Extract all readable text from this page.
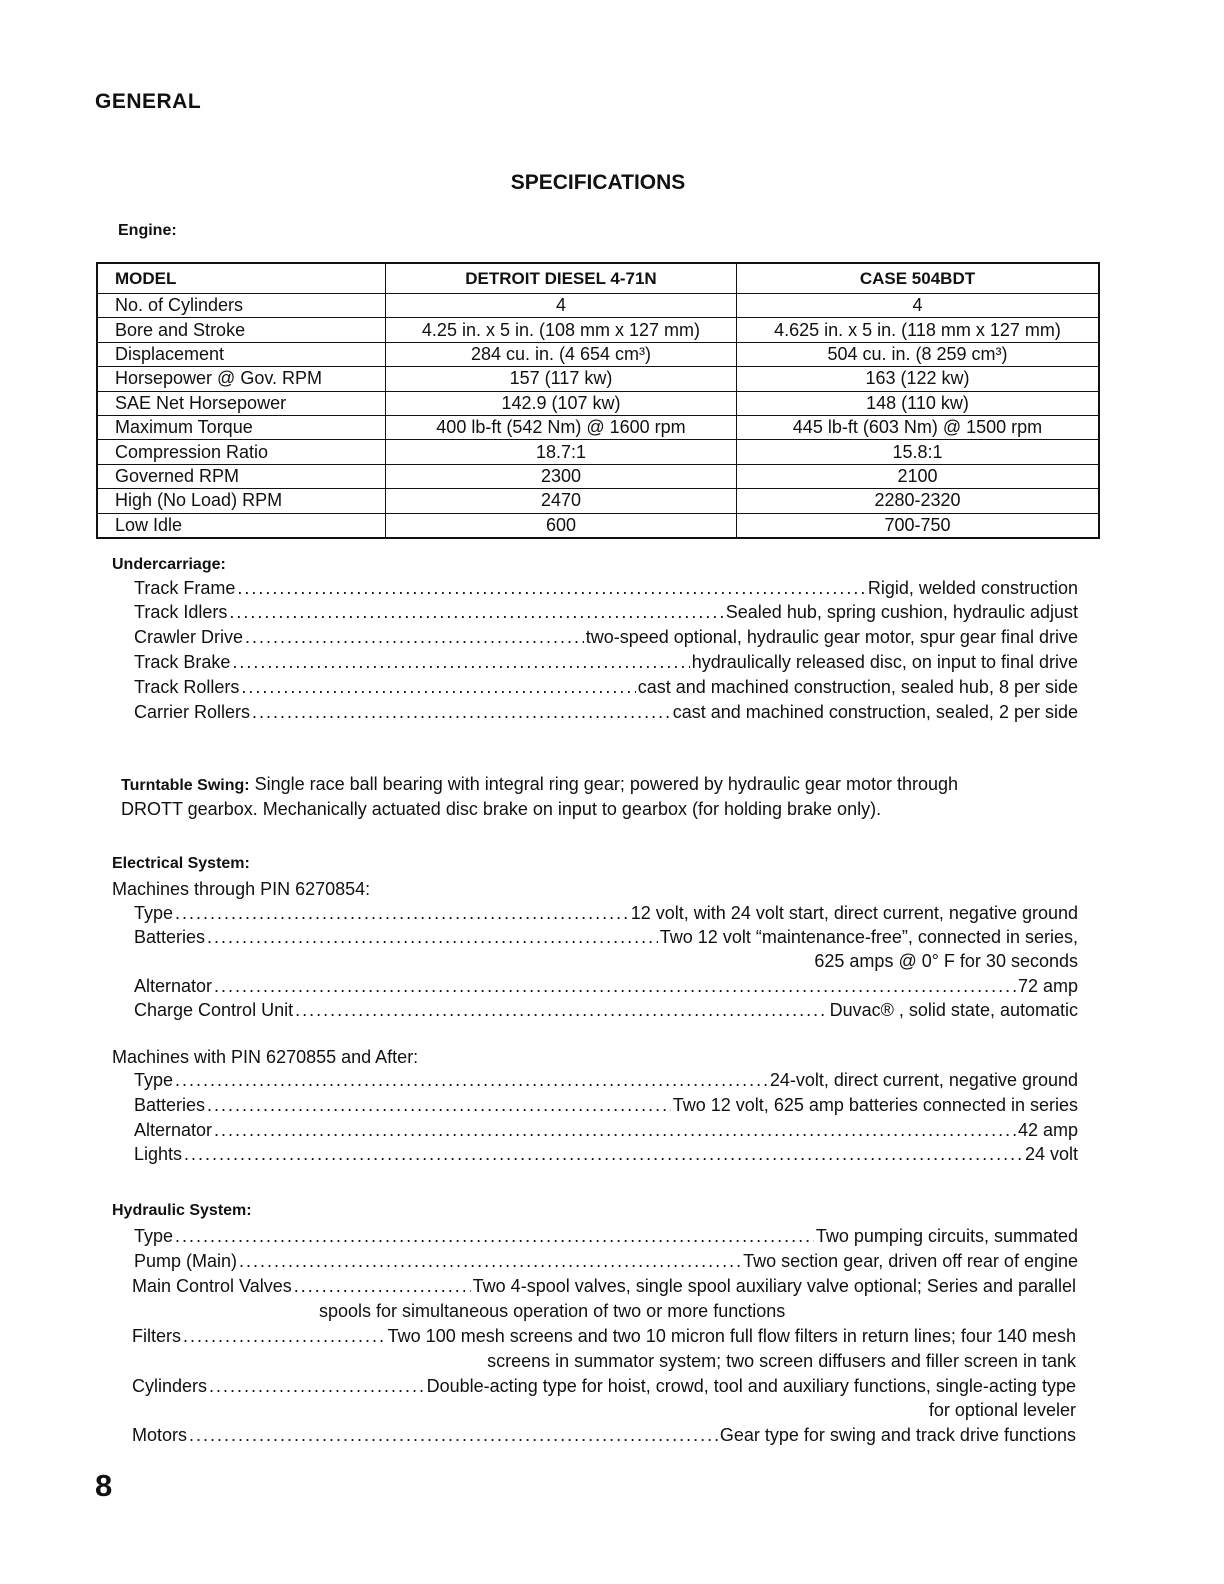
GENERAL
SPECIFICATIONS
Engine:
MODEL	DETROIT DIESEL 4-71N	CASE 504BDT
No. of Cylinders	4	4
Bore and Stroke	4.25 in. x 5 in. (108 mm x 127 mm)	4.625 in. x 5 in. (118 mm x 127 mm)
Displacement	284 cu. in. (4 654 cm³)	504 cu. in. (8 259 cm³)
Horsepower @ Gov. RPM	157 (117 kw)	163 (122 kw)
SAE Net Horsepower	142.9 (107 kw)	148 (110 kw)
Maximum Torque	400 lb-ft (542 Nm) @ 1600 rpm	445 lb-ft (603 Nm) @ 1500 rpm
Compression Ratio	18.7:1	15.8:1
Governed RPM	2300	2100
High (No Load) RPM	2470	2280-2320
Low Idle	600	700-750
Undercarriage:
Track Frame .....	Rigid, welded construction
Track Idlers .....	Sealed hub, spring cushion, hydraulic adjust
Crawler Drive .....	two-speed optional, hydraulic gear motor, spur gear final drive
Track Brake .....	hydraulically released disc, on input to final drive
Track Rollers .....	cast and machined construction, sealed hub, 8 per side
Carrier Rollers .....	cast and machined construction, sealed, 2 per side
Turntable Swing: Single race ball bearing with integral ring gear; powered by hydraulic gear motor through
DROTT gearbox. Mechanically actuated disc brake on input to gearbox (for holding brake only).
Electrical System:
Machines through PIN 6270854:
Type .....	12 volt, with 24 volt start, direct current, negative ground
Batteries .....	Two 12 volt “maintenance-free”, connected in series,
625 amps @ 0° F for 30 seconds
Alternator .....	72 amp
Charge Control Unit .....	Duvac® , solid state, automatic
Machines with PIN 6270855 and After:
Type .....	24-volt, direct current, negative ground
Batteries .....	Two 12 volt, 625 amp batteries connected in series
Alternator .....	42 amp
Lights .....	24 volt
Hydraulic System:
Type .....	Two pumping circuits, summated
Pump (Main) .....	Two section gear, driven off rear of engine
Main Control Valves .....	Two 4-spool valves, single spool auxiliary valve optional; Series and parallel
spools for simultaneous operation of two or more functions
Filters .....	Two 100 mesh screens and two 10 micron full flow filters in return lines; four 140 mesh
screens in summator system; two screen diffusers and filler screen in tank
Cylinders .....	Double-acting type for hoist, crowd, tool and auxiliary functions, single-acting type
for optional leveler
Motors .....	Gear type for swing and track drive functions
8
